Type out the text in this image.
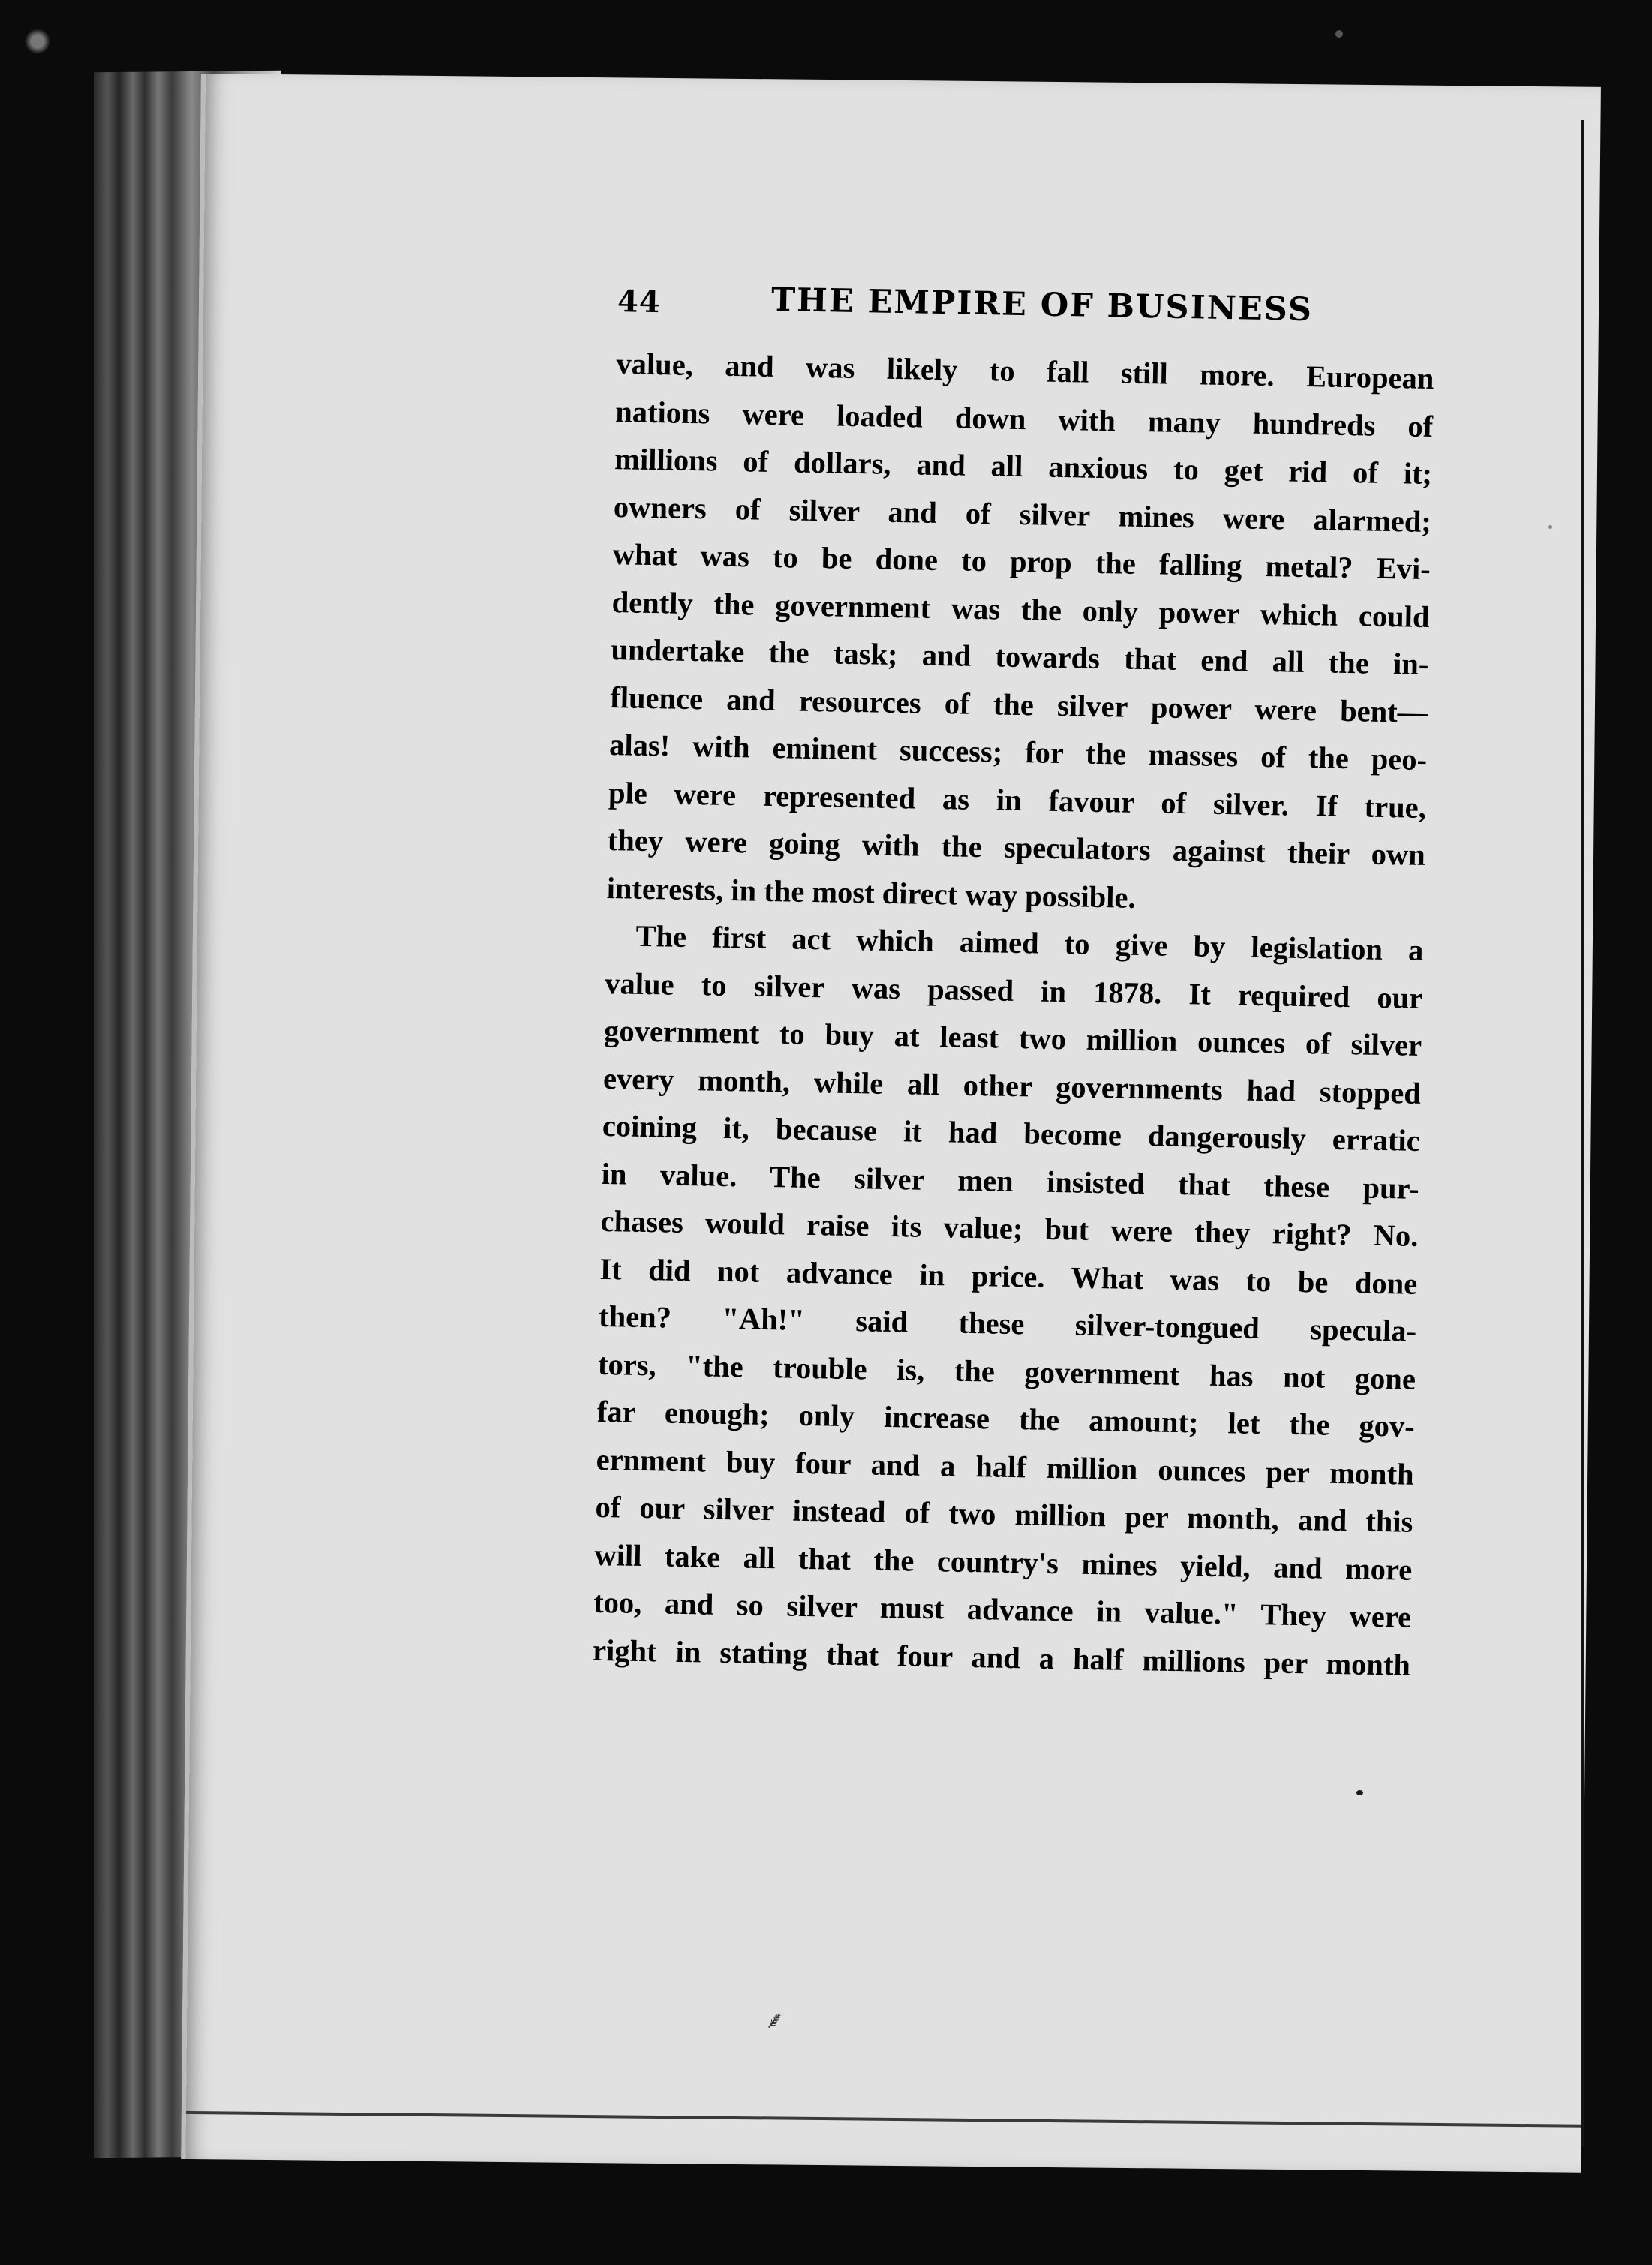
44	THE EMPIRE OF BUSINESS
value, and was likely to fall still more. European
nations were loaded down with many hundreds of
millions of dollars, and all anxious to get rid of it;
owners of silver and of silver mines were alarmed;
what was to be done to prop the falling metal? Evi-
dently the government was the only power which could
undertake the task; and towards that end all the in-
fluence and resources of the silver power were bent—
alas! with eminent success; for the masses of the peo-
ple were represented as in favour of silver. If true,
they were going with the speculators against their own
interests, in the most direct way possible.
The first act which aimed to give by legislation a
value to silver was passed in 1878. It required our
government to buy at least two million ounces of silver
every month, while all other governments had stopped
coining it, because it had become dangerously erratic
in value. The silver men insisted that these pur-
chases would raise its value; but were they right? No.
It did not advance in price. What was to be done
then? "Ah!" said these silver-tongued specula-
tors, "the trouble is, the government has not gone
far enough; only increase the amount; let the gov-
ernment buy four and a half million ounces per month
of our silver instead of two million per month, and this
will take all that the country's mines yield, and more
too, and so silver must advance in value." They were
right in stating that four and a half millions per month
⸙
